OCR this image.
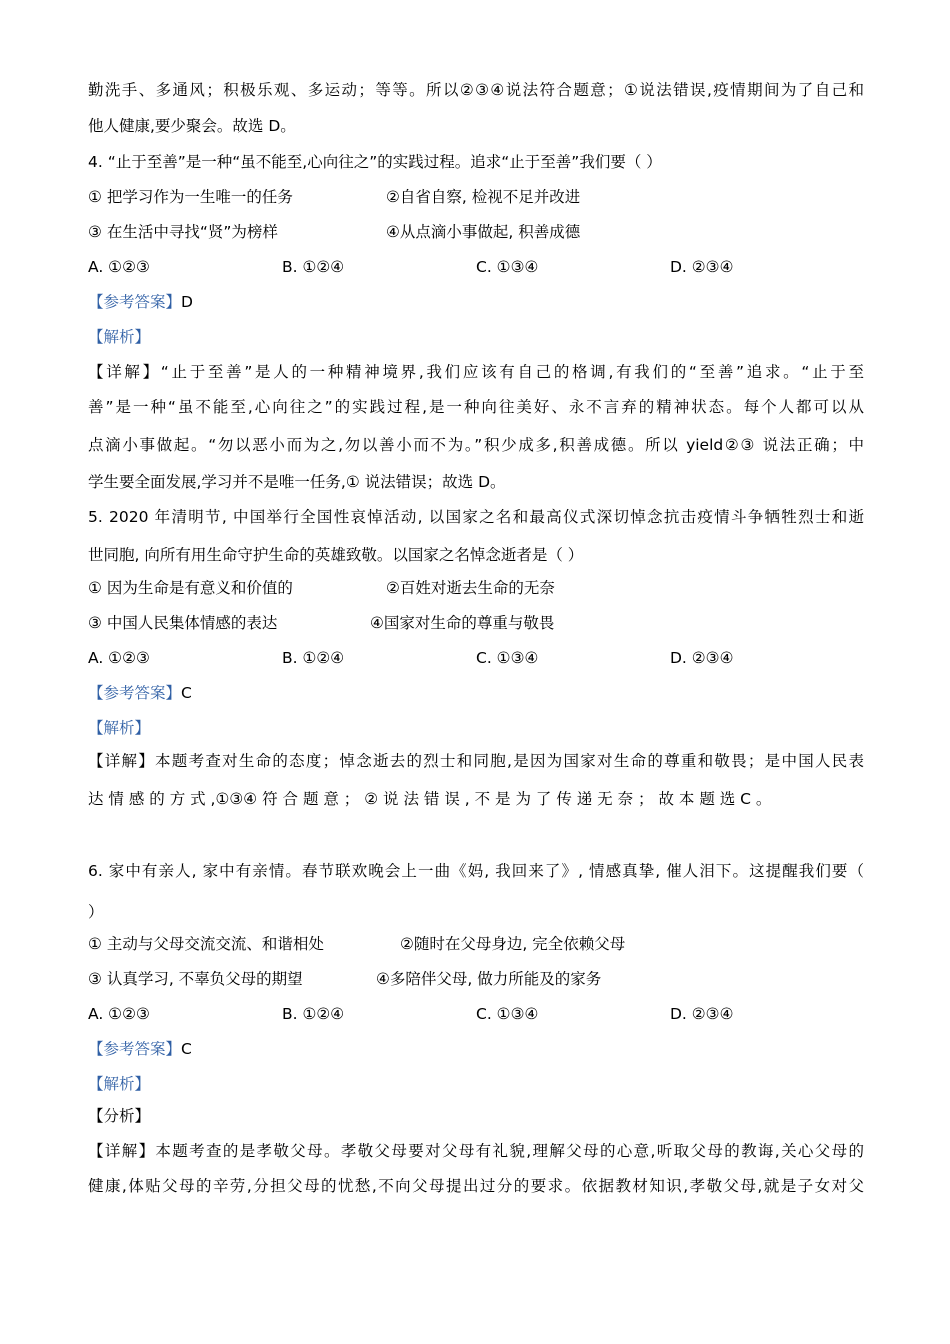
勤洗手、多通风；积极乐观、多运动；等等。所以②③④说法符合题意；①说法错误,疫情期间为了自己和
他人健康,要少聚会。故选 D。
4. “止于至善”是一种“虽不能至,心向往之”的实践过程。追求“止于至善”我们要（ ）
① 把学习作为一生唯一的任务	②自省自察, 检视不足并改进
③ 在生活中寻找“贤”为榜样	④从点滴小事做起, 积善成德
A. ①②③	B. ①②④	C. ①③④	D. ②③④
【参考答案】D
【解析】
【详解】“止于至善”是人的一种精神境界,我们应该有自己的格调,有我们的“至善”追求。“止于至
善”是一种“虽不能至,心向往之”的实践过程,是一种向往美好、永不言弃的精神状态。每个人都可以从
点滴小事做起。“勿以恶小而为之,勿以善小而不为。”积少成多,积善成德。所以 yield②③ 说法正确；中
学生要全面发展,学习并不是唯一任务,① 说法错误；故选 D。
5. 2020 年清明节, 中国举行全国性哀悼活动, 以国家之名和最高仪式深切悼念抗击疫情斗争牺牲烈士和逝
世同胞, 向所有用生命守护生命的英雄致敬。以国家之名悼念逝者是（ ）
① 因为生命是有意义和价值的	②百姓对逝去生命的无奈
③ 中国人民集体情感的表达	④国家对生命的尊重与敬畏
A. ①②③	B. ①②④	C. ①③④	D. ②③④
【参考答案】C
【解析】
【详解】本题考查对生命的态度；悼念逝去的烈士和同胞,是因为国家对生命的尊重和敬畏；是中国人民表
达 情 感 的 方 式 ,①③④ 符 合 题 意 ； ② 说 法 错 误 , 不 是 为 了 传 递 无 奈 ； 故 本 题 选 C 。
6. 家中有亲人, 家中有亲情。春节联欢晚会上一曲《妈, 我回来了》, 情感真挚, 催人泪下。这提醒我们要（
）
① 主动与父母交流交流、和谐相处	②随时在父母身边, 完全依赖父母
③ 认真学习, 不辜负父母的期望	④多陪伴父母, 做力所能及的家务
A. ①②③	B. ①②④	C. ①③④	D. ②③④
【参考答案】C
【解析】
【分析】
【详解】本题考查的是孝敬父母。孝敬父母要对父母有礼貌,理解父母的心意,听取父母的教诲,关心父母的
健康,体贴父母的辛劳,分担父母的忧愁,不向父母提出过分的要求。依据教材知识,孝敬父母,就是子女对父
